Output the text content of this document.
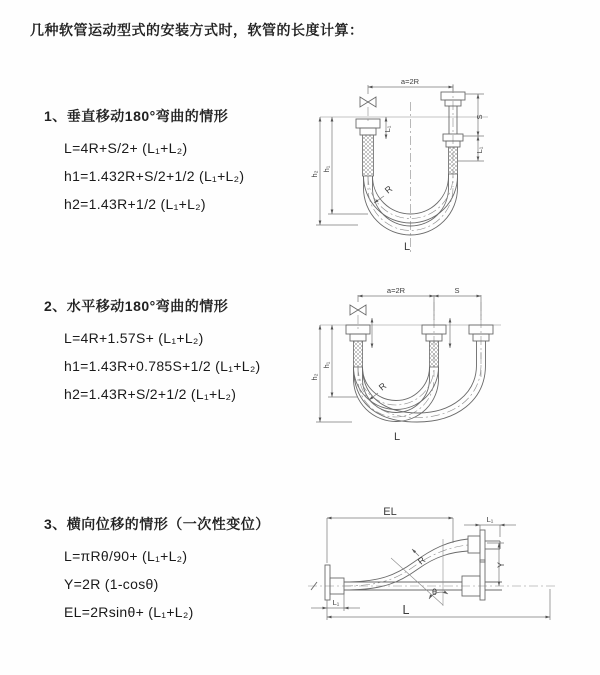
几种软管运动型式的安装方式时，软管的长度计算：
1、垂直移动180°弯曲的情形
L=4R+S/2+ (L₁+L₂)
h1=1.432R+S/2+1/2 (L₁+L₂)
h2=1.43R+1/2 (L₁+L₂)
2、水平移动180°弯曲的情形
L=4R+1.57S+ (L₁+L₂)
h1=1.43R+0.785S+1/2 (L₁+L₂)
h2=1.43R+S/2+1/2 (L₁+L₂)
3、横向位移的情形（一次性变位）
L=πRθ/90+ (L₁+L₂)
Y=2R (1-cosθ)
EL=2Rsinθ+ (L₁+L₂)
a=2R
R
L
h₂
h₁
L₁
S
L₁
a=2R	S
R
L
h₂
h₁
EL
L₁
Y
θ
R
L
L₁
